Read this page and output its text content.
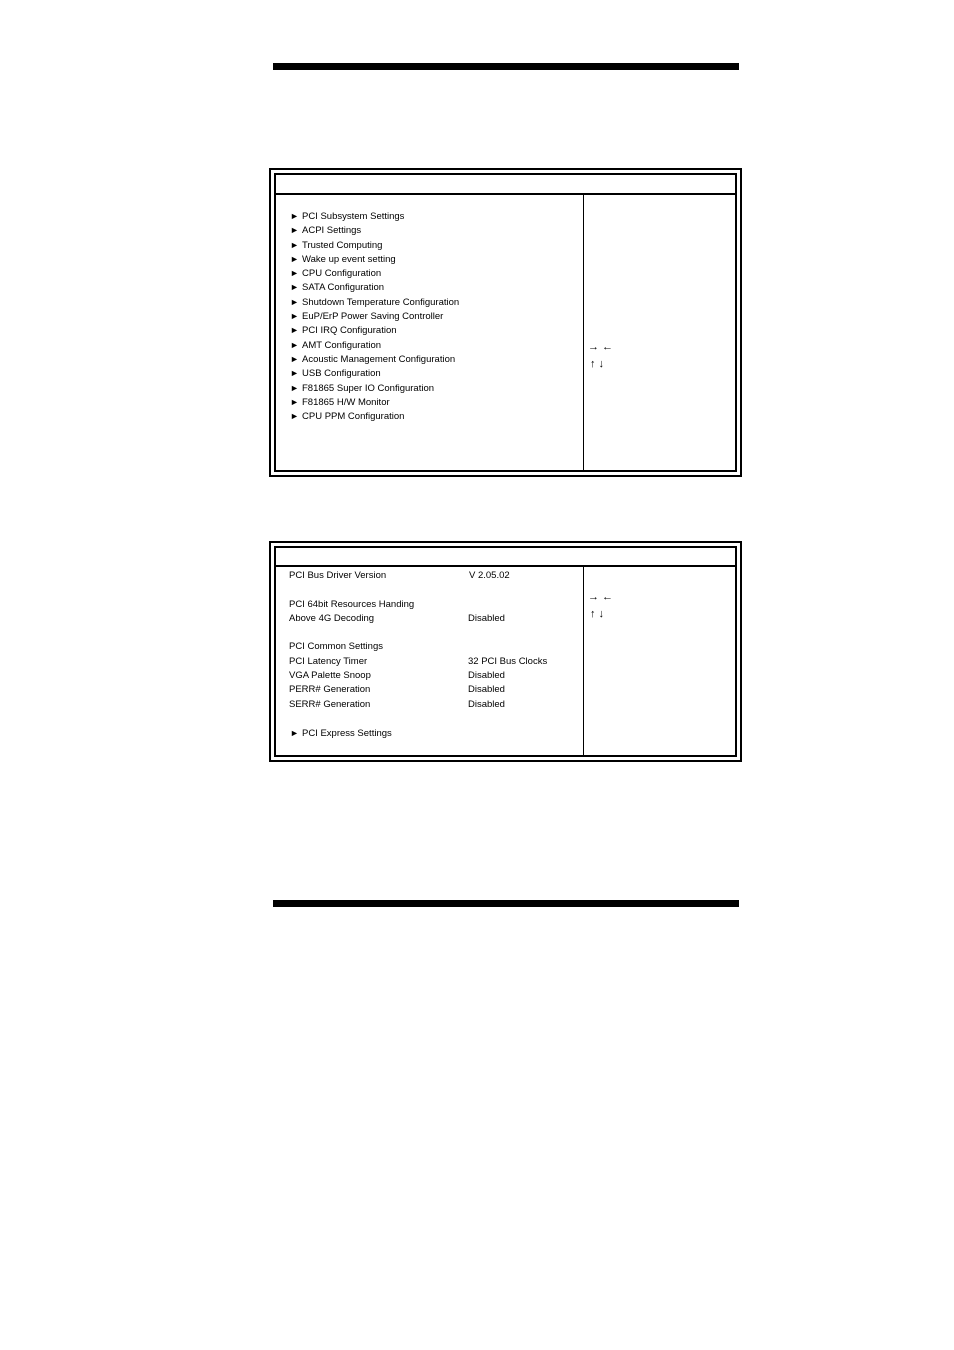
► PCI Subsystem Settings
► ACPI Settings
► Trusted Computing
► Wake up event setting
► CPU Configuration
► SATA Configuration
► Shutdown Temperature Configuration
► EuP/ErP Power Saving Controller
► PCI IRQ Configuration
► AMT Configuration
► Acoustic Management Configuration
► USB Configuration
► F81865 Super IO Configuration
► F81865 H/W Monitor
► CPU PPM Configuration
→ ←
↑ ↓
PCI Bus Driver Version	V 2.05.02
PCI 64bit Resources Handing
Above 4G Decoding	Disabled
PCI Common Settings
PCI Latency Timer	32 PCI Bus Clocks
VGA Palette Snoop	Disabled
PERR# Generation	Disabled
SERR# Generation	Disabled
► PCI Express Settings
→ ←
↑ ↓
